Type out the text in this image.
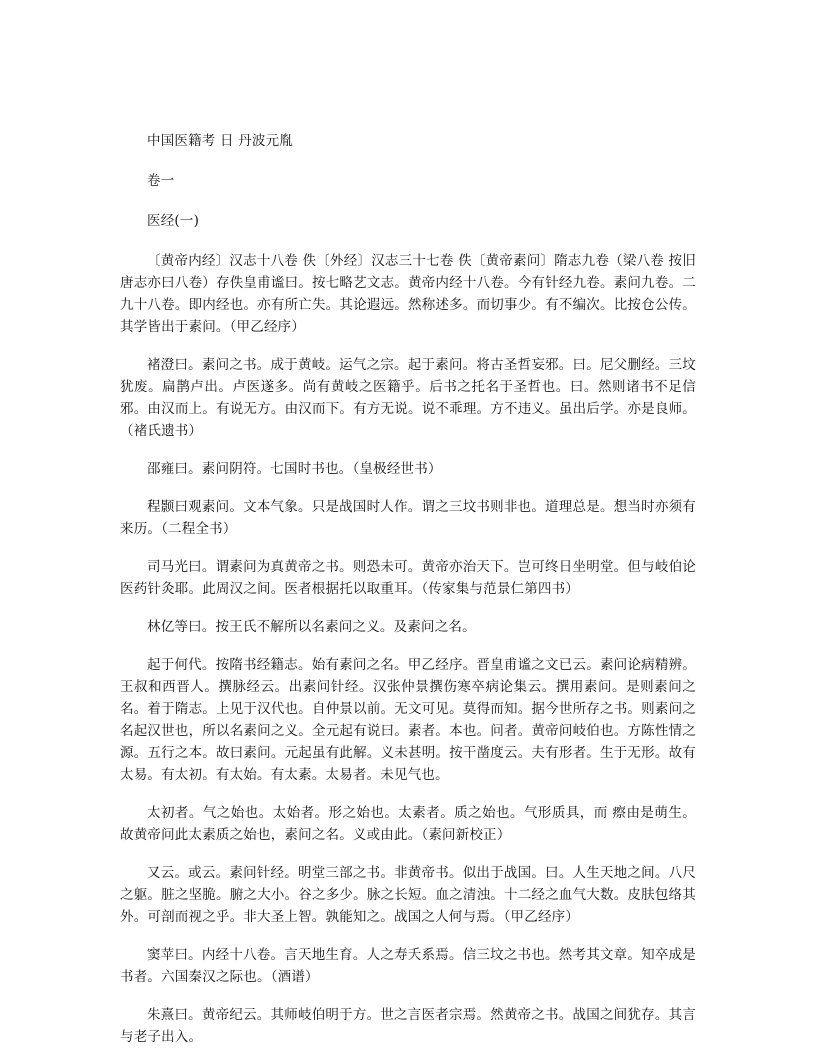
中国医籍考 日 丹波元胤

卷一

医经(一)

〔黄帝内经〕汉志十八卷 佚〔外经〕汉志三十七卷 佚〔黄帝素问〕隋志九卷（梁八卷 按旧唐志亦曰八卷）存佚皇甫谧曰。按七略艺文志。黄帝内经十八卷。今有针经九卷。素问九卷。二九十八卷。即内经也。亦有所亡失。其论遐远。然称述多。而切事少。有不编次。比按仓公传。其学皆出于素问。（甲乙经序）

褚澄曰。素问之书。成于黄岐。运气之宗。起于素问。将古圣哲妄邪。曰。尼父删经。三坟犹废。扁鹊卢出。卢医遂多。尚有黄岐之医籍乎。后书之托名于圣哲也。曰。然则诸书不足信邪。由汉而上。有说无方。由汉而下。有方无说。说不乖理。方不违义。虽出后学。亦是良师。（褚氏遗书）

邵雍曰。素问阴符。七国时书也。（皇极经世书）

程颢曰观素问。文本气象。只是战国时人作。谓之三坟书则非也。道理总是。想当时亦须有来历。（二程全书）

司马光曰。谓素问为真黄帝之书。则恐未可。黄帝亦治天下。岂可终日坐明堂。但与岐伯论医药针灸耶。此周汉之间。医者根据托以取重耳。（传家集与范景仁第四书）

林亿等曰。按王氏不解所以名素问之义。及素问之名。

起于何代。按隋书经籍志。始有素问之名。甲乙经序。晋皇甫谧之文已云。素问论病精辨。王叔和西晋人。撰脉经云。出素问针经。汉张仲景撰伤寒卒病论集云。撰用素问。是则素问之名。着于隋志。上见于汉代也。自仲景以前。无文可见。莫得而知。据今世所存之书。则素问之名起汉世也，所以名素问之义。全元起有说曰。素者。本也。问者。黄帝问岐伯也。方陈性情之源。五行之本。故曰素问。元起虽有此解。义未甚明。按干凿度云。夫有形者。生于无形。故有太易。有太初。有太始。有太素。太易者。未见气也。

太初者。气之始也。太始者。形之始也。太素者。质之始也。气形质具，而 瘵由是萌生。故黄帝问此太素质之始也，素问之名。义或由此。（素问新校正）

又云。或云。素问针经。明堂三部之书。非黄帝书。似出于战国。曰。人生天地之间。八尺之躯。脏之坚脆。腑之大小。谷之多少。脉之长短。血之清浊。十二经之血气大数。皮肤包络其外。可剖而视之乎。非大圣上智。孰能知之。战国之人何与焉。（甲乙经序）

窦苹曰。内经十八卷。言天地生育。人之寿夭系焉。信三坟之书也。然考其文章。知卒成是书者。六国秦汉之际也。（酒谱）

朱熹曰。黄帝纪云。其师岐伯明于方。世之言医者宗焉。然黄帝之书。战国之间犹存。其言与老子出入。
